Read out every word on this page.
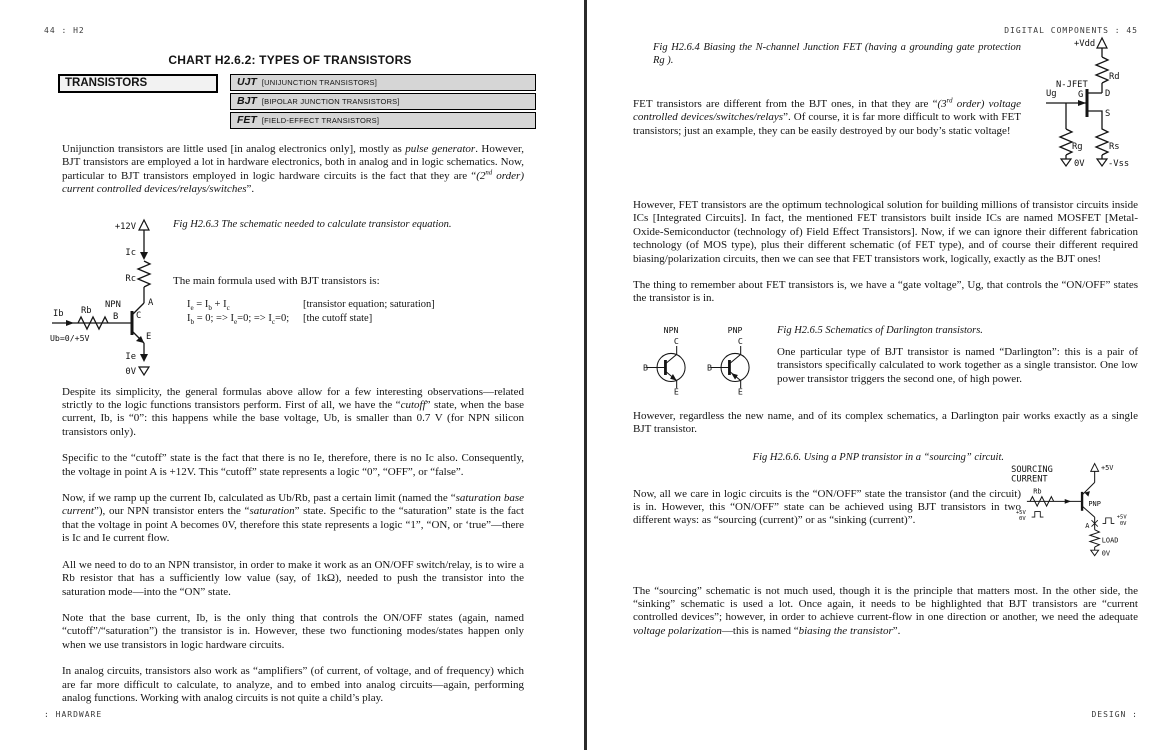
44 : H2
CHART H2.6.2: TYPES OF TRANSISTORS
TRANSISTORS	UJT [UNIJUNCTION TRANSISTORS]
BJT [BIPOLAR JUNCTION TRANSISTORS]
FET [FIELD-EFFECT TRANSISTORS]

Unijunction transistors are little used [in analog electronics only], mostly as pulse generator. However, BJT transistors are employed a lot in hardware electronics, both in analog and in logic schematics. Now, particular to BJT transistors employed in logic hardware circuits is the fact that they are “(2nd order) current controlled devices/relays/switches”.

+12V
Ic
Rc
A
NPN
C
E
Ib Rb
B
Ub=0/+5V
Ie
0V
Fig H2.6.3 The schematic needed to calculate transistor equation.
The main formula used with BJT transistors is:
$I_e = I_b + I_c$	[transistor equation; saturation]
$I_b = 0$; => $I_e=0$; => $I_c=0$;	[the cutoff state]

Despite its simplicity, the general formulas above allow for a few interesting observations—related strictly to the logic functions transistors perform. First of all, we have the “cutoff” state, when the base current, Ib, is “0”: this happens while the base voltage, Ub, is smaller than 0.7 V (for NPN silicon transistors only).

Specific to the “cutoff” state is the fact that there is no Ie, therefore, there is no Ic also. Consequently, the voltage in point A is +12V. This “cutoff” state represents a logic “0”, “OFF”, or “false”.

Now, if we ramp up the current Ib, calculated as Ub/Rb, past a certain limit (named the “saturation base current”), our NPN transistor enters the “saturation” state. Specific to the “saturation” state is the fact that the voltage in point A becomes 0V, therefore this state represents a logic “1”, “ON, or ‘true”—there is Ic and Ie current flow.

All we need to do to an NPN transistor, in order to make it work as an ON/OFF switch/relay, is to wire a Rb resistor that has a sufficiently low value (say, of 1kΩ), needed to push the transistor into the saturation mode—into the “ON” state.

Note that the base current, Ib, is the only thing that controls the ON/OFF states (again, named “cutoff”/“saturation”) the transistor is in. However, these two functioning modes/states happen only when we use transistors in logic hardware circuits.

In analog circuits, transistors also work as “amplifiers” (of current, of voltage, and of frequency) which are far more difficult to calculate, to analyze, and to embed into analog circuits—again, performing analog functions. Working with analog circuits is not quite a child’s play.

: HARDWARE
DIGITAL COMPONENTS : 45
Fig H2.6.4 Biasing the N-channel Junction FET (having a grounding gate protection Rg ).

FET transistors are different from the BJT ones, in that they are “(3rd order) voltage controlled devices/switches/relays”. Of course, it is far more difficult to work with FET transistors; just an example, they can be easily destroyed by our body’s static voltage!

+Vdd
Rd
N-JFET
D
S
G
Ug
Rg
0V
Rs
-Vss

However, FET transistors are the optimum technological solution for building millions of transistor circuits inside ICs [Integrated Circuits]. In fact, the mentioned FET transistors built inside ICs are named MOSFET [Metal-Oxide-Semiconductor (technology of) Field Effect Transistors]. Now, if we can ignore their different fabrication technology (of MOS type), plus their different schematic (of FET type), and of course their different required biasing/polarization circuits, then we can see that FET transistors work, logically, exactly as the BJT ones!

The thing to remember about FET transistors is, we have a “gate voltage”, Ug, that controls the “ON/OFF” states the transistor is in.

NPN
C
B
E
PNP
C
B
E
Fig H2.6.5 Schematics of Darlington transistors.

One particular type of BJT transistor is named “Darlington”: this is a pair of transistors specifically calculated to work together as a single transistor. One low power transistor triggers the second one, of high power.

However, regardless the new name, and of its complex schematics, a Darlington pair works exactly as a single BJT transistor.

Fig H2.6.6. Using a PNP transistor in a “sourcing” circuit.

Now, all we care in logic circuits is the “ON/OFF” state the transistor (and the circuit) is in. However, this “ON/OFF” state can be achieved using BJT transistors in two different ways: as “sourcing (current)” or as “sinking (current)”.

SOURCING
CURRENT
+5V
PNP
Rb
+5V
0V
A
+5V
0V
LOAD
0V

The “sourcing” schematic is not much used, though it is the principle that matters most. In the other side, the “sinking” schematic is used a lot. Once again, it needs to be highlighted that BJT transistors are “current controlled devices”; however, in order to achieve current-flow in one direction or another, we need the adequate voltage polarization—this is named “biasing the transistor”.

DESIGN :
